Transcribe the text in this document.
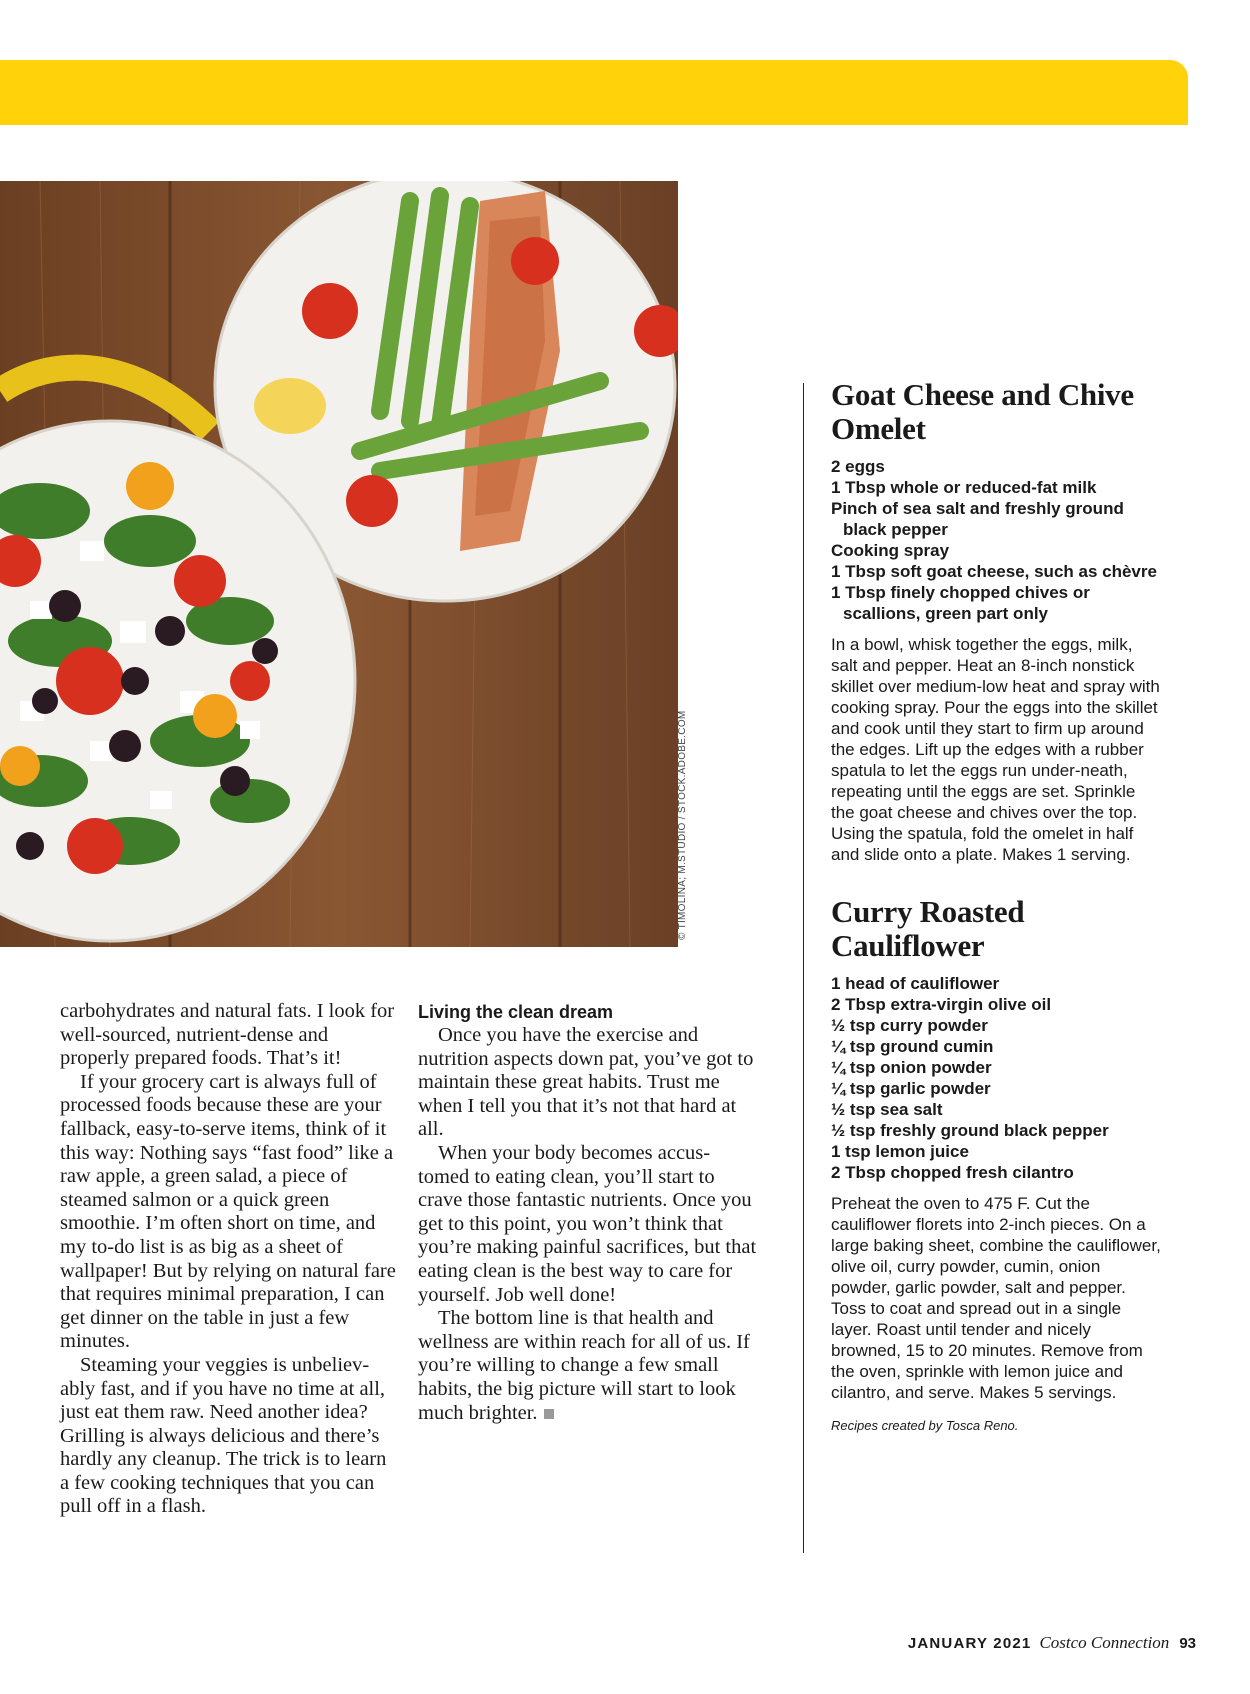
© TIMOLINA; M.STUDIO / STOCK.ADOBE.COM

carbohydrates and natural fats. I look for well-sourced, nutrient-dense and properly prepared foods. That’s it!

If your grocery cart is always full of processed foods because these are your fallback, easy-to-serve items, think of it this way: Nothing says “fast food” like a raw apple, a green salad, a piece of steamed salmon or a quick green smoothie. I’m often short on time, and my to-do list is as big as a sheet of wallpaper! But by relying on natural fare that requires minimal preparation, I can get dinner on the table in just a few minutes.

Steaming your veggies is unbeliev-ably fast, and if you have no time at all, just eat them raw. Need another idea? Grilling is always delicious and there’s hardly any cleanup. The trick is to learn a few cooking techniques that you can pull off in a flash.

Living the clean dream

Once you have the exercise and nutrition aspects down pat, you’ve got to maintain these great habits. Trust me when I tell you that it’s not that hard at all.

When your body becomes accus-tomed to eating clean, you’ll start to crave those fantastic nutrients. Once you get to this point, you won’t think that you’re making painful sacrifices, but that eating clean is the best way to care for yourself. Job well done!

The bottom line is that health and wellness are within reach for all of us. If you’re willing to change a few small habits, the big picture will start to look much brighter.

Goat Cheese and Chive Omelet

2 eggs

1 Tbsp whole or reduced-fat milk

Pinch of sea salt and freshly ground black pepper

Cooking spray

1 Tbsp soft goat cheese, such as chèvre

1 Tbsp finely chopped chives or scallions, green part only

In a bowl, whisk together the eggs, milk, salt and pepper. Heat an 8-inch nonstick skillet over medium-low heat and spray with cooking spray. Pour the eggs into the skillet and cook until they start to firm up around the edges. Lift up the edges with a rubber spatula to let the eggs run under-neath, repeating until the eggs are set. Sprinkle the goat cheese and chives over the top. Using the spatula, fold the omelet in half and slide onto a plate. Makes 1 serving.

Curry Roasted Cauliflower

1 head of cauliflower

2 Tbsp extra-virgin olive oil

½ tsp curry powder

¼ tsp ground cumin

¼ tsp onion powder

¼ tsp garlic powder

½ tsp sea salt

½ tsp freshly ground black pepper

1 tsp lemon juice

2 Tbsp chopped fresh cilantro

Preheat the oven to 475 F. Cut the cauliflower florets into 2-inch pieces. On a large baking sheet, combine the cauliflower, olive oil, curry powder, cumin, onion powder, garlic powder, salt and pepper. Toss to coat and spread out in a single layer. Roast until tender and nicely browned, 15 to 20 minutes. Remove from the oven, sprinkle with lemon juice and cilantro, and serve. Makes 5 servings.

Recipes created by Tosca Reno.

JANUARY 2021 Costco Connection 93
